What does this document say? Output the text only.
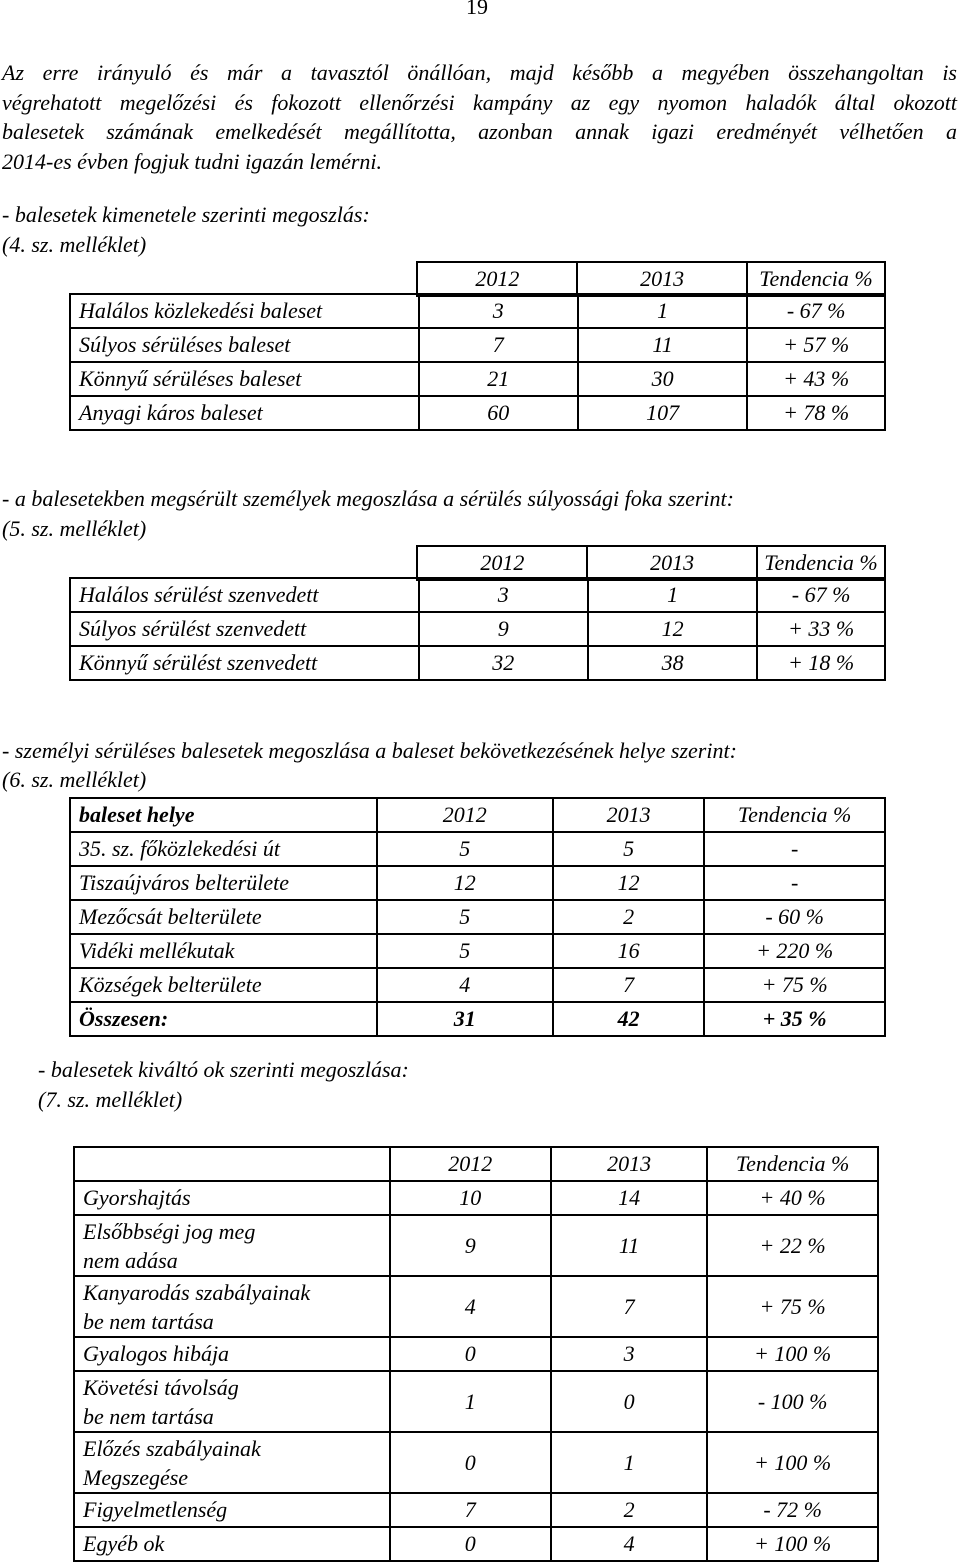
19
Az erre irányuló és már a tavasztól önállóan, majd később a megyében összehangoltan is
végrehatott megelőzési és fokozott ellenőrzési kampány az egy nyomon haladók által okozott
balesetek számának emelkedését megállította, azonban annak igazi eredményét vélhetően a
2014-es évben fogjuk tudni igazán lemérni.
- balesetek kimenetele szerinti megoszlás:
(4. sz. melléklet)
	2012	2013	Tendencia %
Halálos közlekedési baleset	3	1	- 67 %
Súlyos sérüléses baleset	7	11	+ 57 %
Könnyű sérüléses baleset	21	30	+ 43 %
Anyagi káros baleset	60	107	+ 78 %
- a balesetekben megsérült személyek megoszlása a sérülés súlyossági foka szerint:
(5. sz. melléklet)
	2012	2013	Tendencia %
Halálos sérülést szenvedett	3	1	- 67 %
Súlyos sérülést szenvedett	9	12	+ 33 %
Könnyű sérülést szenvedett	32	38	+ 18 %
- személyi sérüléses balesetek megoszlása a baleset bekövetkezésének helye szerint:
(6. sz. melléklet)
baleset helye	2012	2013	Tendencia %
35. sz. főközlekedési út	5	5	-
Tiszaújváros belterülete	12	12	-
Mezőcsát belterülete	5	2	- 60 %
Vidéki mellékutak	5	16	+ 220 %
Községek belterülete	4	7	+ 75 %
Összesen:	31	42	+ 35 %
- balesetek kiváltó ok szerinti megoszlása:
(7. sz. melléklet)
	2012	2013	Tendencia %
Gyorshajtás	10	14	+ 40 %

Elsőbbségi jog meg
nem adása	9	11	+ 22 %

Kanyarodás szabályainak
be nem tartása	4	7	+ 75 %
Gyalogos hibája	0	3	+ 100 %

Követési távolság
be nem tartása	1	0	- 100 %

Előzés szabályainak
Megszegése	0	1	+ 100 %
Figyelmetlenség	7	2	- 72 %
Egyéb ok	0	4	+ 100 %
